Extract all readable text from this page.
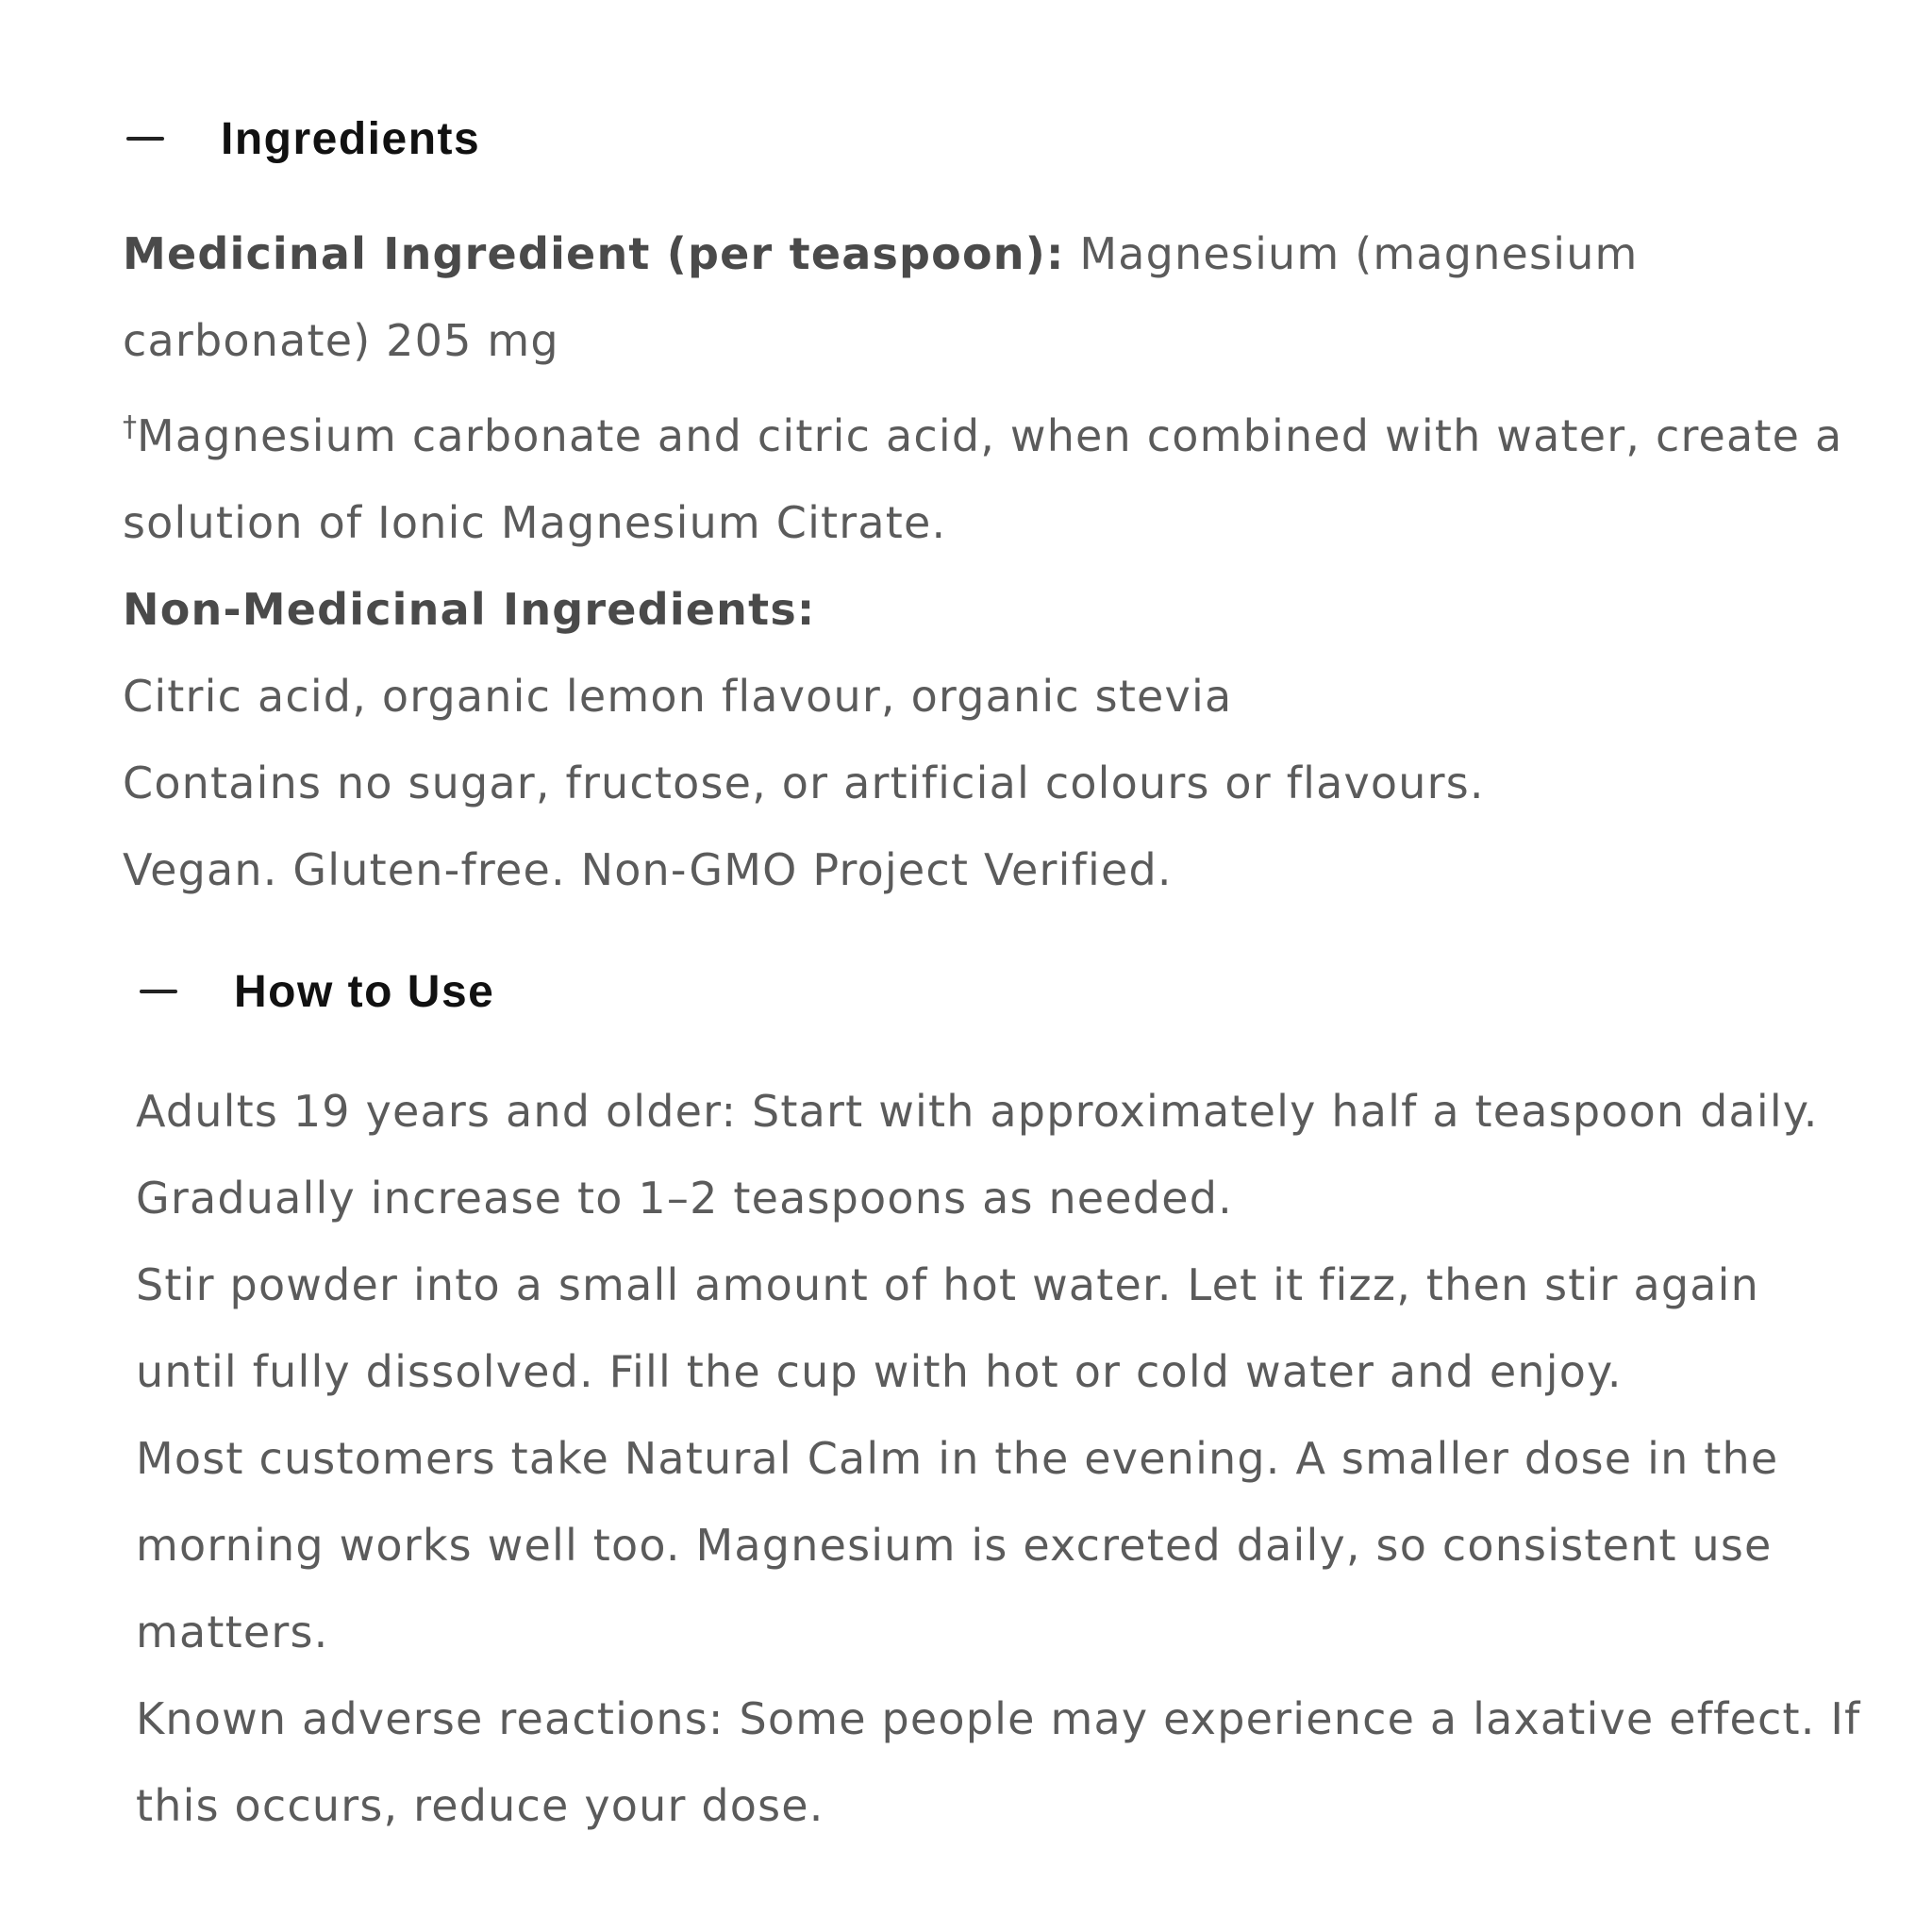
Ingredients

Medicinal Ingredient (per teaspoon): Magnesium (magnesium carbonate) 205 mg

†Magnesium carbonate and citric acid, when combined with water, create a solution of Ionic Magnesium Citrate.

Non-Medicinal Ingredients:

Citric acid, organic lemon flavour, organic stevia

Contains no sugar, fructose, or artificial colours or flavours.

Vegan. Gluten-free. Non-GMO Project Verified.

How to Use

Adults 19 years and older: Start with approximately half a teaspoon daily. Gradually increase to 1–2 teaspoons as needed.

Stir powder into a small amount of hot water. Let it fizz, then stir again until fully dissolved. Fill the cup with hot or cold water and enjoy.

Most customers take Natural Calm in the evening. A smaller dose in the morning works well too. Magnesium is excreted daily, so consistent use matters.

Known adverse reactions: Some people may experience a laxative effect. If this occurs, reduce your dose.
